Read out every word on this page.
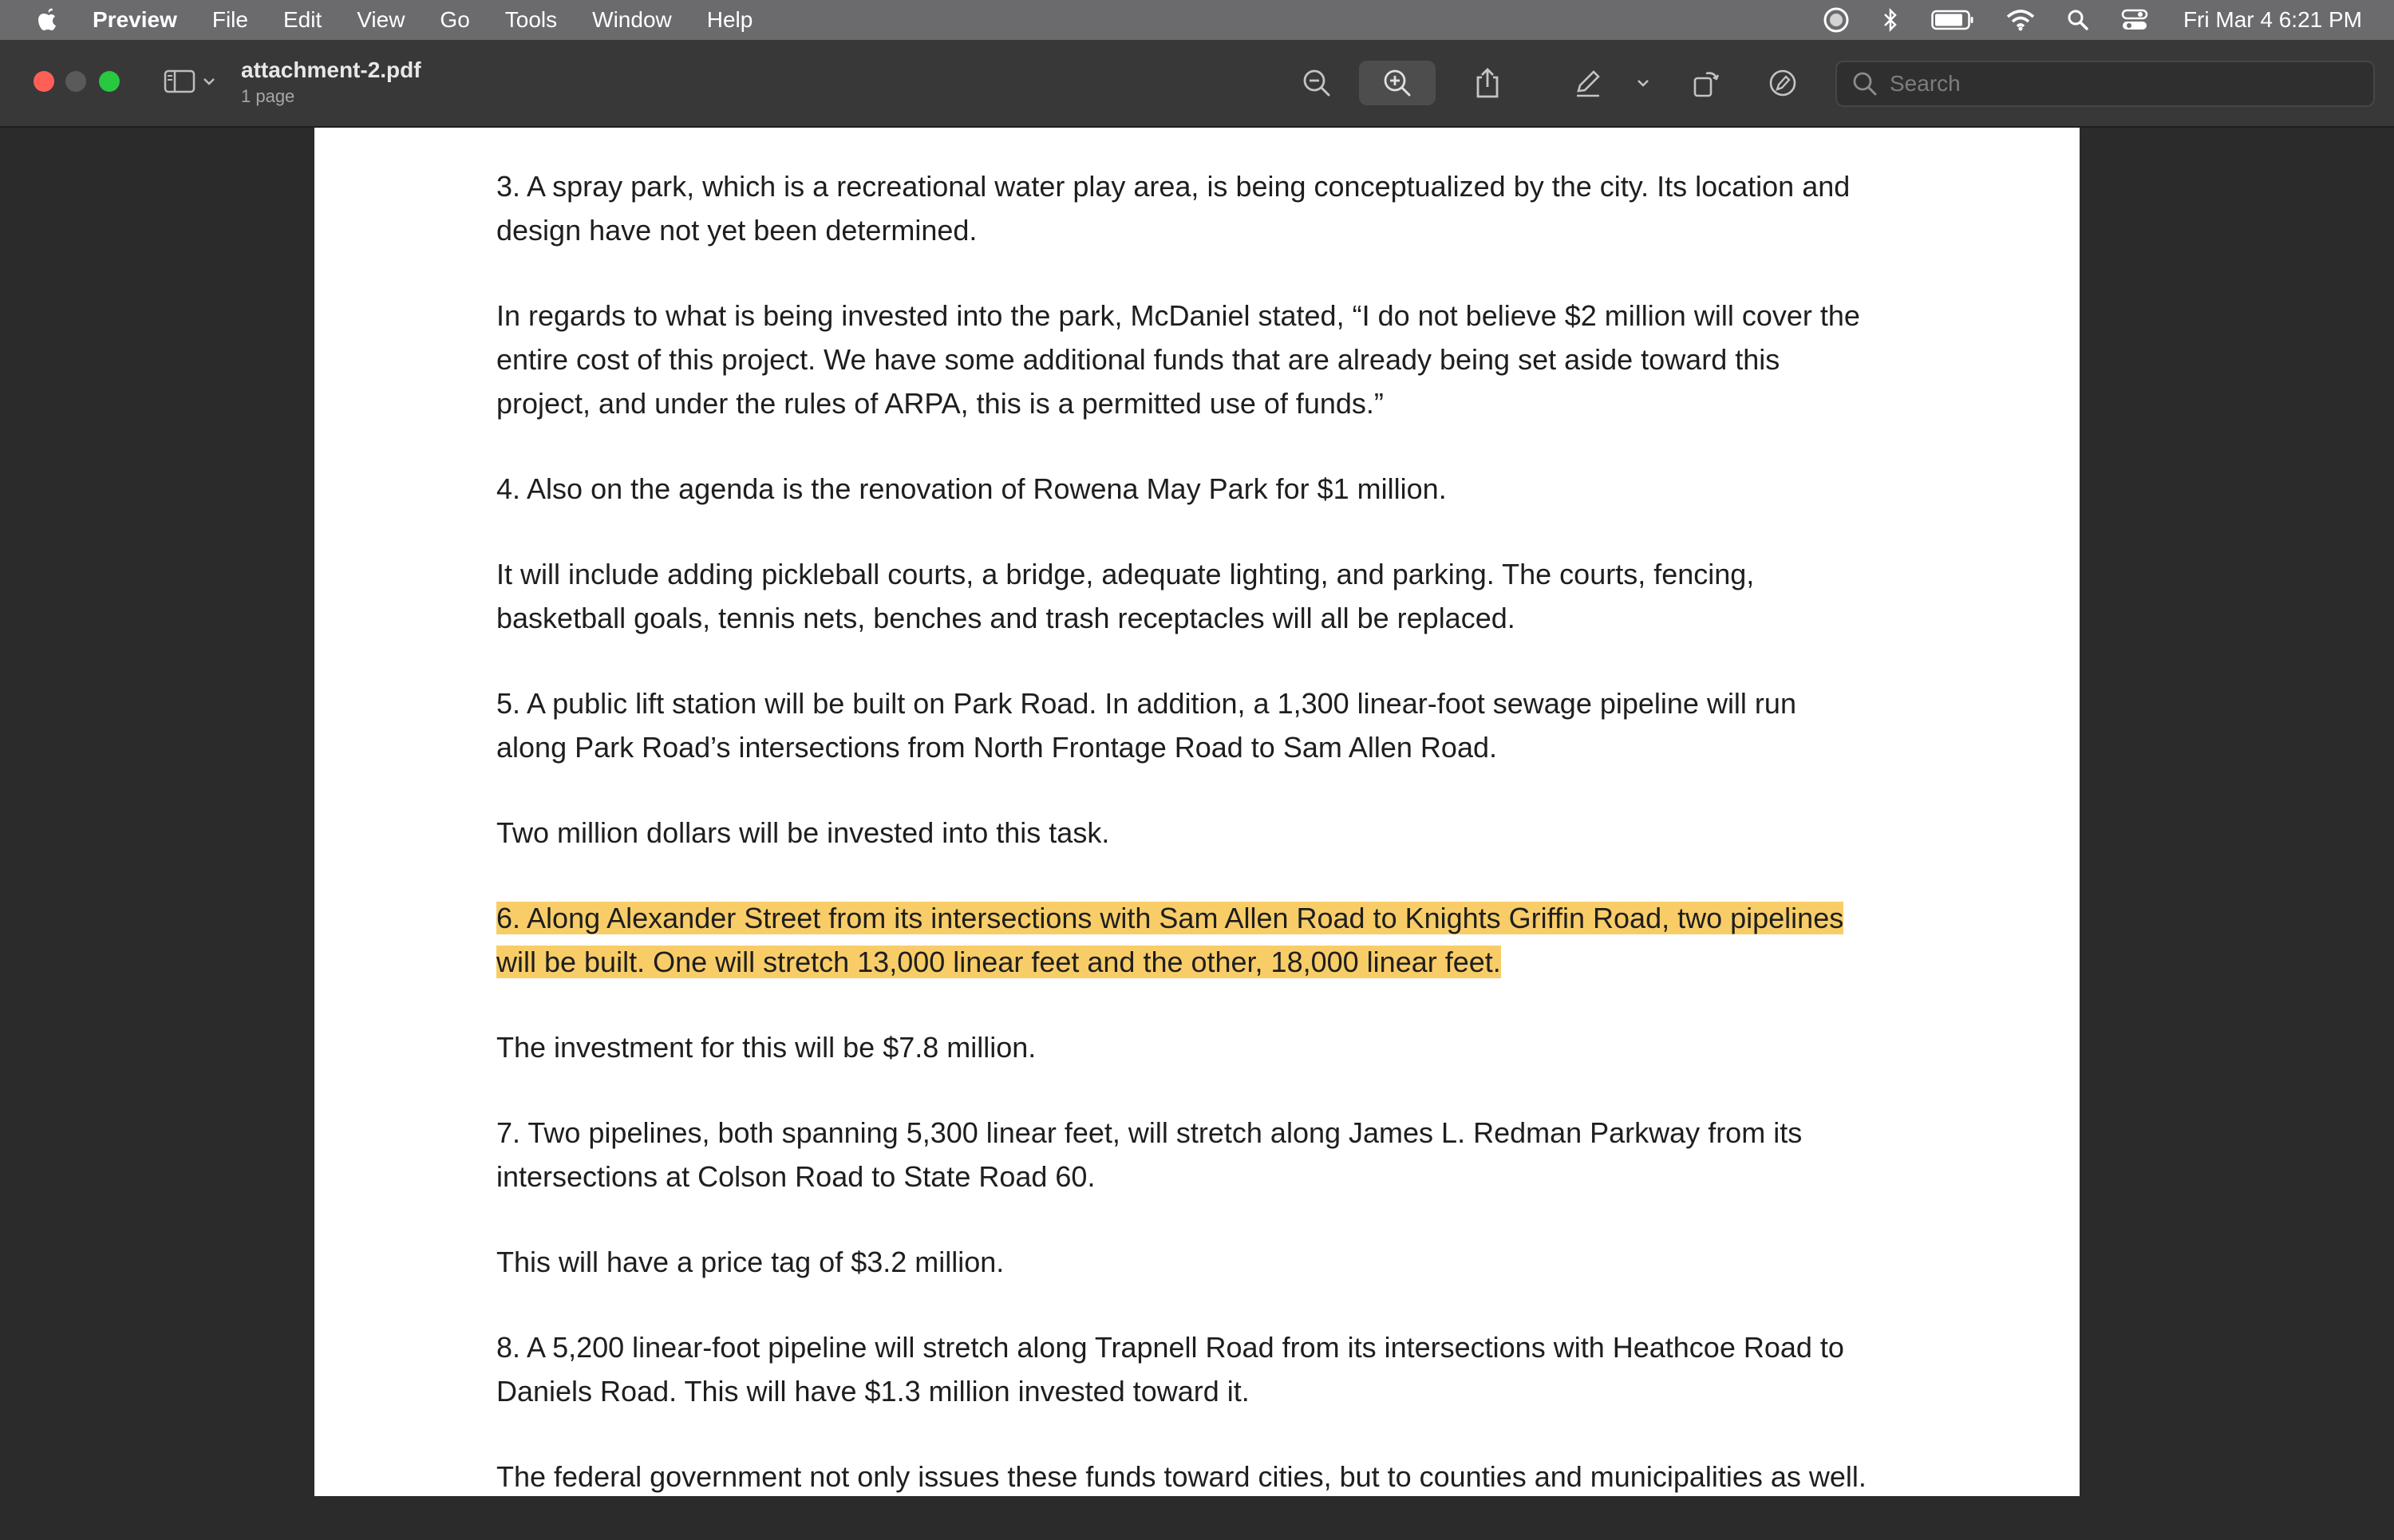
Preview File Edit View Go Tools Window Help	Fri Mar 4 6:21 PM
attachment-2.pdf
1 page
Search

3. A spray park, which is a recreational water play area, is being conceptualized by the city. Its location and design have not yet been determined.

In regards to what is being invested into the park, McDaniel stated, “I do not believe $2 million will cover the entire cost of this project. We have some additional funds that are already being set aside toward this project, and under the rules of ARPA, this is a permitted use of funds.”

4. Also on the agenda is the renovation of Rowena May Park for $1 million.

It will include adding pickleball courts, a bridge, adequate lighting, and parking. The courts, fencing, basketball goals, tennis nets, benches and trash receptacles will all be replaced.

5. A public lift station will be built on Park Road. In addition, a 1,300 linear-foot sewage pipeline will run along Park Road’s intersections from North Frontage Road to Sam Allen Road.

Two million dollars will be invested into this task.

6. Along Alexander Street from its intersections with Sam Allen Road to Knights Griffin Road, two pipelines will be built. One will stretch 13,000 linear feet and the other, 18,000 linear feet.

The investment for this will be $7.8 million.

7. Two pipelines, both spanning 5,300 linear feet, will stretch along James L. Redman Parkway from its intersections at Colson Road to State Road 60.

This will have a price tag of $3.2 million.

8. A 5,200 linear-foot pipeline will stretch along Trapnell Road from its intersections with Heathcoe Road to Daniels Road. This will have $1.3 million invested toward it.

The federal government not only issues these funds toward cities, but to counties and municipalities as well.
